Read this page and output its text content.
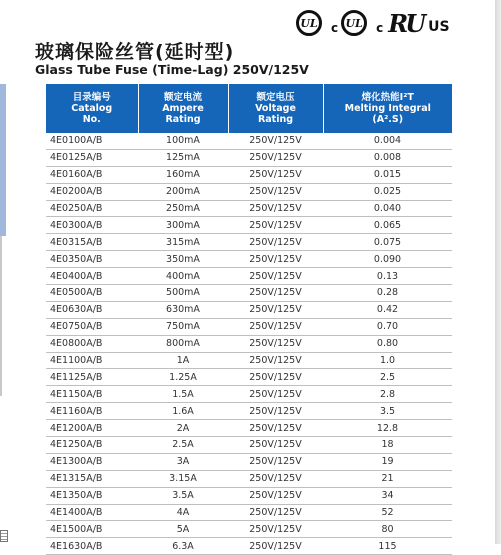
UL c UL c RU US
玻璃保险丝管(延时型)
Glass Tube Fuse (Time-Lag) 250V/125V
目录编号
Catalog
No.	额定电流
Ampere
Rating	额定电压
Voltage
Rating	熔化热能I²T
Melting Integral
(A².S)

4E0100A/B	100mA	250V/125V	0.004
4E0125A/B	125mA	250V/125V	0.008
4E0160A/B	160mA	250V/125V	0.015
4E0200A/B	200mA	250V/125V	0.025
4E0250A/B	250mA	250V/125V	0.040
4E0300A/B	300mA	250V/125V	0.065
4E0315A/B	315mA	250V/125V	0.075
4E0350A/B	350mA	250V/125V	0.090
4E0400A/B	400mA	250V/125V	0.13
4E0500A/B	500mA	250V/125V	0.28
4E0630A/B	630mA	250V/125V	0.42
4E0750A/B	750mA	250V/125V	0.70
4E0800A/B	800mA	250V/125V	0.80
4E1100A/B	1A	250V/125V	1.0
4E1125A/B	1.25A	250V/125V	2.5
4E1150A/B	1.5A	250V/125V	2.8
4E1160A/B	1.6A	250V/125V	3.5
4E1200A/B	2A	250V/125V	12.8
4E1250A/B	2.5A	250V/125V	18
4E1300A/B	3A	250V/125V	19
4E1315A/B	3.15A	250V/125V	21
4E1350A/B	3.5A	250V/125V	34
4E1400A/B	4A	250V/125V	52
4E1500A/B	5A	250V/125V	80
4E1630A/B	6.3A	250V/125V	115
